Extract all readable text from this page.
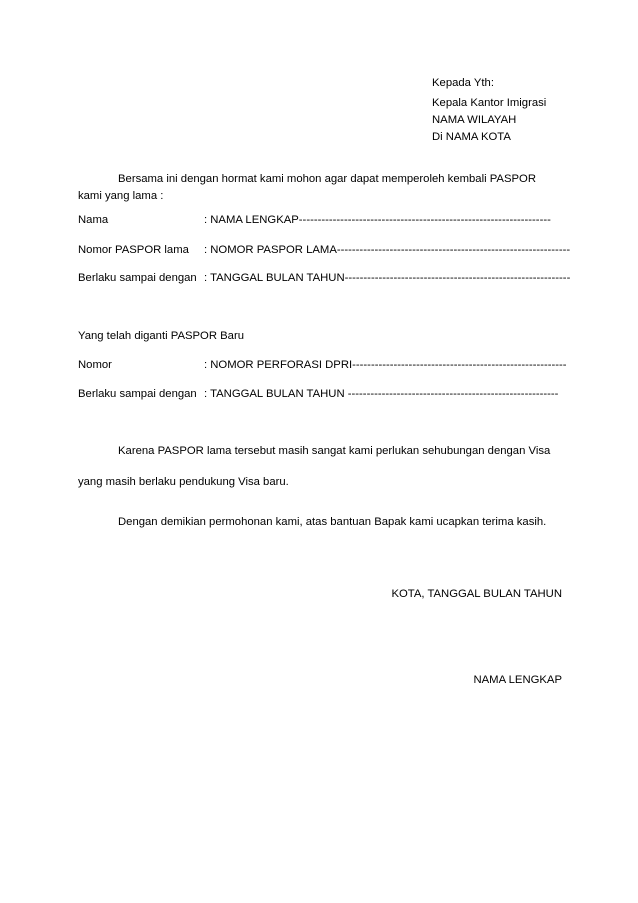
Kepada Yth:
Kepala Kantor Imigrasi
NAMA WILAYAH
Di NAMA KOTA
Bersama ini dengan hormat kami mohon agar dapat memperoleh kembali PASPOR
kami yang lama :
Nama	: NAMA LENGKAP-------------------------------------------------------------------
Nomor PASPOR lama : NOMOR PASPOR LAMA--------------------------------------------------------------
Berlaku sampai dengan : TANGGAL BULAN TAHUN------------------------------------------------------------
Yang telah diganti PASPOR Baru
Nomor	: NOMOR PERFORASI DPRI---------------------------------------------------------
Berlaku sampai dengan : TANGGAL BULAN TAHUN --------------------------------------------------------
Karena PASPOR lama tersebut masih sangat kami perlukan sehubungan dengan Visa
yang masih berlaku pendukung Visa baru.
Dengan demikian permohonan kami, atas bantuan Bapak kami ucapkan terima kasih.
KOTA, TANGGAL BULAN TAHUN
NAMA LENGKAP
